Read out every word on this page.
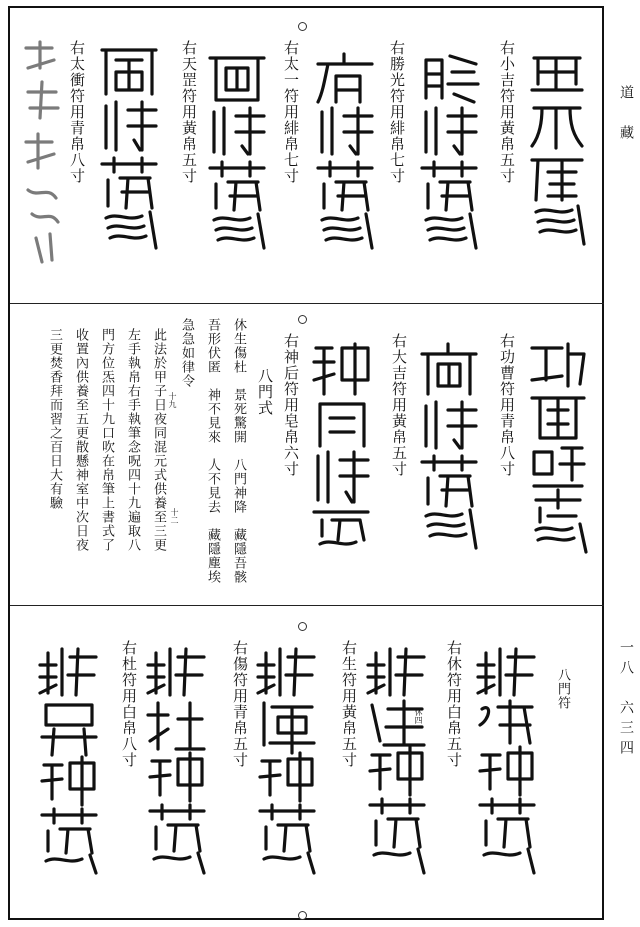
道　藏
一八　六三四
右小吉符用黃帛五寸
右勝光符用緋帛七寸
右太一符用緋帛七寸
右天罡符用黃帛五寸
右太衝符用青帛八寸
右功曹符用青帛八寸
右大吉符用黃帛五寸
右神后符用皂帛六寸
八門式
休生傷杜　景死驚開　八門神降　藏隱吾骸
吾形伏匿　神不見來　人不見去　藏隱塵埃
急急如律令
此法於甲子日夜同混元式供養至三更
左手執帛右手執筆念呪四十九遍取八
門方位炁四十九口吹在帛筆上書式了
收置內供養至五更散懸神室中次日夜
三更焚香拜而習之百日大有驗
十二
十九
八門符
右休符用白帛五寸
右生符用黃帛五寸
右傷符用青帛五寸
右杜符用白帛八寸	休四
